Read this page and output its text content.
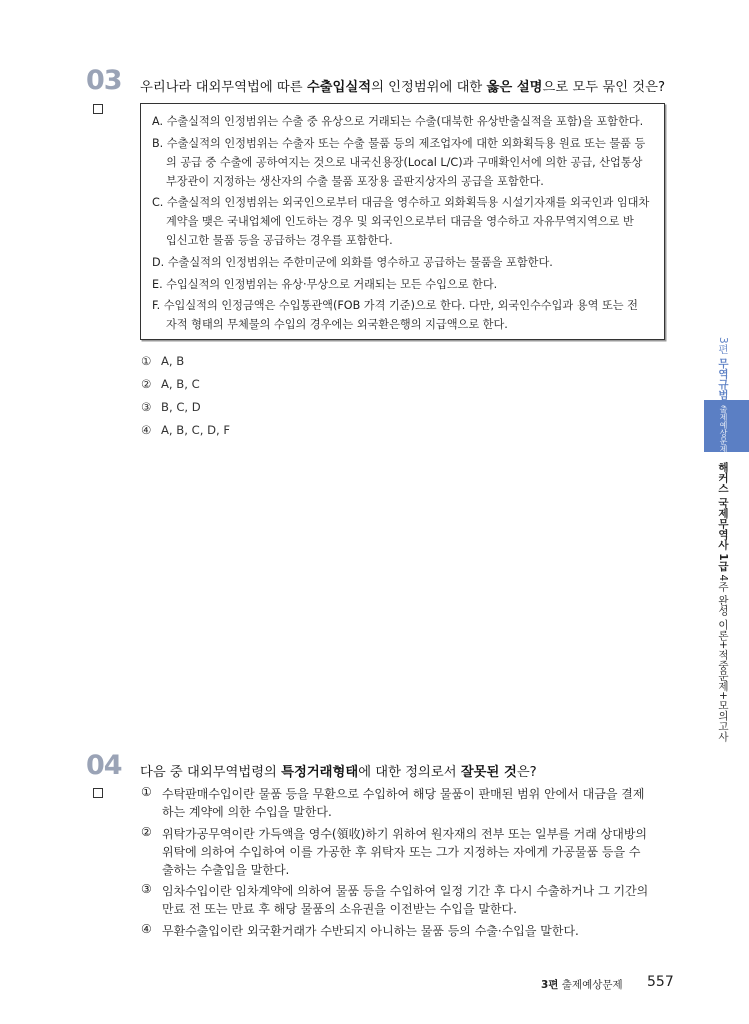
03 우리나라 대외무역법에 따른 수출입실적의 인정범위에 대한 옳은 설명으로 모두 묶인 것은?
A. 수출실적의 인정범위는 수출 중 유상으로 거래되는 수출(대북한 유상반출실적을 포함)을 포함한다.
B. 수출실적의 인정범위는 수출자 또는 수출 물품 등의 제조업자에 대한 외화획득용 원료 또는 물품 등
의 공급 중 수출에 공하여지는 것으로 내국신용장(Local L/C)과 구매확인서에 의한 공급, 산업통상
부장관이 지정하는 생산자의 수출 물품 포장용 골판지상자의 공급을 포함한다.
C. 수출실적의 인정범위는 외국인으로부터 대금을 영수하고 외화획득용 시설기자재를 외국인과 임대차
계약을 맺은 국내업체에 인도하는 경우 및 외국인으로부터 대금을 영수하고 자유무역지역으로 반
입신고한 물품 등을 공급하는 경우를 포함한다.
D. 수출실적의 인정범위는 주한미군에 외화를 영수하고 공급하는 물품을 포함한다.
E. 수입실적의 인정범위는 유상·무상으로 거래되는 모든 수입으로 한다.
F. 수입실적의 인정금액은 수입통관액(FOB 가격 기준)으로 한다. 다만, 외국인수수입과 용역 또는 전
자적 형태의 무체물의 수입의 경우에는 외국환은행의 지급액으로 한다.
① A, B
② A, B, C
③ B, C, D
④ A, B, C, D, F
04 다음 중 대외무역법령의 특정거래형태에 대한 정의로서 잘못된 것은?
① 수탁판매수입이란 물품 등을 무환으로 수입하여 해당 물품이 판매된 범위 안에서 대금을 결제
하는 계약에 의한 수입을 말한다.
② 위탁가공무역이란 가득액을 영수(領收)하기 위하여 원자재의 전부 또는 일부를 거래 상대방의
위탁에 의하여 수입하여 이를 가공한 후 위탁자 또는 그가 지정하는 자에게 가공물품 등을 수
출하는 수출입을 말한다.
③ 임차수입이란 임차계약에 의하여 물품 등을 수입하여 일정 기간 후 다시 수출하거나 그 기간의
만료 전 또는 만료 후 해당 물품의 소유권을 이전받는 수입을 말한다.
④ 무환수출입이란 외국환거래가 수반되지 아니하는 물품 등의 수출·수입을 말한다.
3편 무역규범
출제예상문제
해커스 국제무역사 1급 4주 완성 이론+적중문제+모의고사
3편 출제예상문제 557
